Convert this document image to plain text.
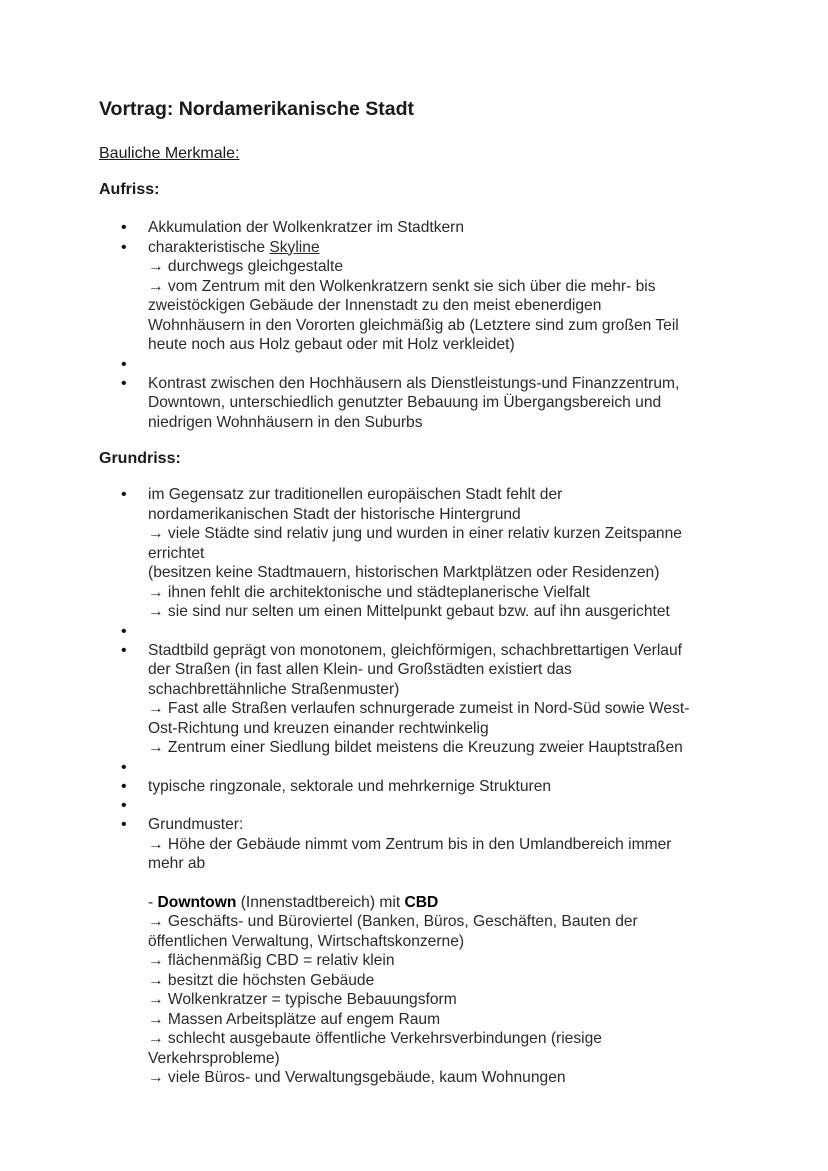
Vortrag: Nordamerikanische Stadt
Bauliche Merkmale:
Aufriss:
• Akkumulation der Wolkenkratzer im Stadtkern
• charakteristische Skyline
→ durchwegs gleichgestalte
→ vom Zentrum mit den Wolkenkratzern senkt sie sich über die mehr- bis
zweistöckigen Gebäude der Innenstadt zu den meist ebenerdigen
Wohnhäusern in den Vororten gleichmäßig ab (Letztere sind zum großen Teil
heute noch aus Holz gebaut oder mit Holz verkleidet)
•
• Kontrast zwischen den Hochhäusern als Dienstleistungs-und Finanzzentrum,
Downtown, unterschiedlich genutzter Bebauung im Übergangsbereich und
niedrigen Wohnhäusern in den Suburbs
Grundriss:
• im Gegensatz zur traditionellen europäischen Stadt fehlt der
nordamerikanischen Stadt der historische Hintergrund
→ viele Städte sind relativ jung und wurden in einer relativ kurzen Zeitspanne
errichtet
(besitzen keine Stadtmauern, historischen Marktplätzen oder Residenzen)
→ ihnen fehlt die architektonische und städteplanerische Vielfalt
→ sie sind nur selten um einen Mittelpunkt gebaut bzw. auf ihn ausgerichtet
•
• Stadtbild geprägt von monotonem, gleichförmigen, schachbrettartigen Verlauf
der Straßen (in fast allen Klein- und Großstädten existiert das
schachbrettähnliche Straßenmuster)
→ Fast alle Straßen verlaufen schnurgerade zumeist in Nord-Süd sowie West-
Ost-Richtung und kreuzen einander rechtwinkelig
→ Zentrum einer Siedlung bildet meistens die Kreuzung zweier Hauptstraßen
•
• typische ringzonale, sektorale und mehrkernige Strukturen
•
• Grundmuster:
→ Höhe der Gebäude nimmt vom Zentrum bis in den Umlandbereich immer
mehr ab
- Downtown (Innenstadtbereich) mit CBD
→ Geschäfts- und Büroviertel (Banken, Büros, Geschäften, Bauten der
öffentlichen Verwaltung, Wirtschaftskonzerne)
→ flächenmäßig CBD = relativ klein
→ besitzt die höchsten Gebäude
→ Wolkenkratzer = typische Bebauungsform
→ Massen Arbeitsplätze auf engem Raum
→ schlecht ausgebaute öffentliche Verkehrsverbindungen (riesige
Verkehrsprobleme)
→ viele Büros- und Verwaltungsgebäude, kaum Wohnungen
